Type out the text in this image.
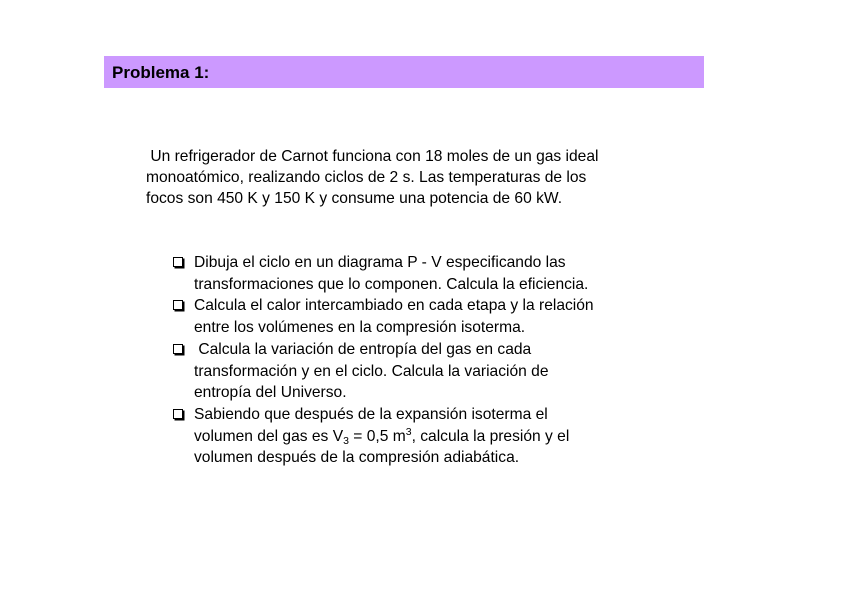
Problema 1:
Un refrigerador de Carnot funciona con 18 moles de un gas ideal
monoatómico, realizando ciclos de 2 s. Las temperaturas de los
focos son 450 K y 150 K y consume una potencia de 60 kW.
Dibuja el ciclo en un diagrama P - V especificando las
transformaciones que lo componen. Calcula la eficiencia.
Calcula el calor intercambiado en cada etapa y la relación
entre los volúmenes en la compresión isoterma.
Calcula la variación de entropía del gas en cada
transformación y en el ciclo. Calcula la variación de
entropía del Universo.
Sabiendo que después de la expansión isoterma el
volumen del gas es $V_3 = 0,5$ $m^3$, calcula la presión y el
volumen después de la compresión adiabática.
